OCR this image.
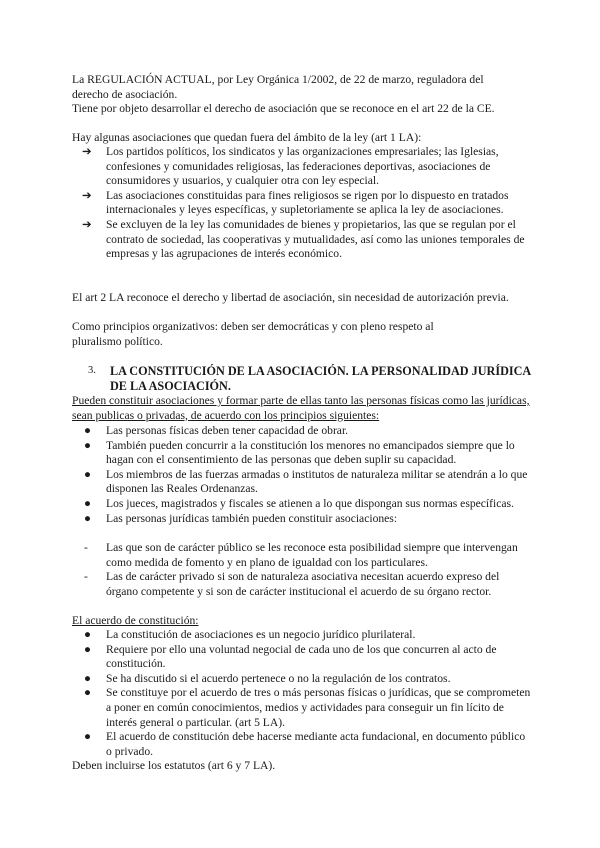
La REGULACIÓN ACTUAL, por Ley Orgánica 1/2002, de 22 de marzo, reguladora del
derecho de asociación.
Tiene por objeto desarrollar el derecho de asociación que se reconoce en el art 22 de la CE.
Hay algunas asociaciones que quedan fuera del ámbito de la ley (art 1 LA):
➔ Los partidos políticos, los sindicatos y las organizaciones empresariales; las Iglesias, confesiones y comunidades religiosas, las federaciones deportivas, asociaciones de consumidores y usuarios, y cualquier otra con ley especial.
➔ Las asociaciones constituidas para fines religiosos se rigen por lo dispuesto en tratados internacionales y leyes específicas, y supletoriamente se aplica la ley de asociaciones.
➔ Se excluyen de la ley las comunidades de bienes y propietarios, las que se regulan por el contrato de sociedad, las cooperativas y mutualidades, así como las uniones temporales de empresas y las agrupaciones de interés económico.
El art 2 LA reconoce el derecho y libertad de asociación, sin necesidad de autorización previa.
Como principios organizativos: deben ser democráticas y con pleno respeto al pluralismo político.
3.	LA CONSTITUCIÓN DE LA ASOCIACIÓN. LA PERSONALIDAD JURÍDICA DE LA ASOCIACIÓN.
Pueden constituir asociaciones y formar parte de ellas tanto las personas físicas como las jurídicas, sean publicas o privadas, de acuerdo con los principios siguientes:
● Las personas físicas deben tener capacidad de obrar.
● También pueden concurrir a la constitución los menores no emancipados siempre que lo hagan con el consentimiento de las personas que deben suplir su capacidad.
● Los miembros de las fuerzas armadas o institutos de naturaleza militar se atendrán a lo que disponen las Reales Ordenanzas.
● Los jueces, magistrados y fiscales se atienen a lo que dispongan sus normas específicas.
● Las personas jurídicas también pueden constituir asociaciones:
- Las que son de carácter público se les reconoce esta posibilidad siempre que intervengan como medida de fomento y en plano de igualdad con los particulares.
- Las de carácter privado si son de naturaleza asociativa necesitan acuerdo expreso del órgano competente y si son de carácter institucional el acuerdo de su órgano rector.
El acuerdo de constitución:
● La constitución de asociaciones es un negocio jurídico plurilateral.
● Requiere por ello una voluntad negocial de cada uno de los que concurren al acto de constitución.
● Se ha discutido si el acuerdo pertenece o no la regulación de los contratos.
● Se constituye por el acuerdo de tres o más personas físicas o jurídicas, que se comprometen a poner en común conocimientos, medios y actividades para conseguir un fin lícito de interés general o particular. (art 5 LA).
● El acuerdo de constitución debe hacerse mediante acta fundacional, en documento público o privado.
Deben incluirse los estatutos (art 6 y 7 LA).
